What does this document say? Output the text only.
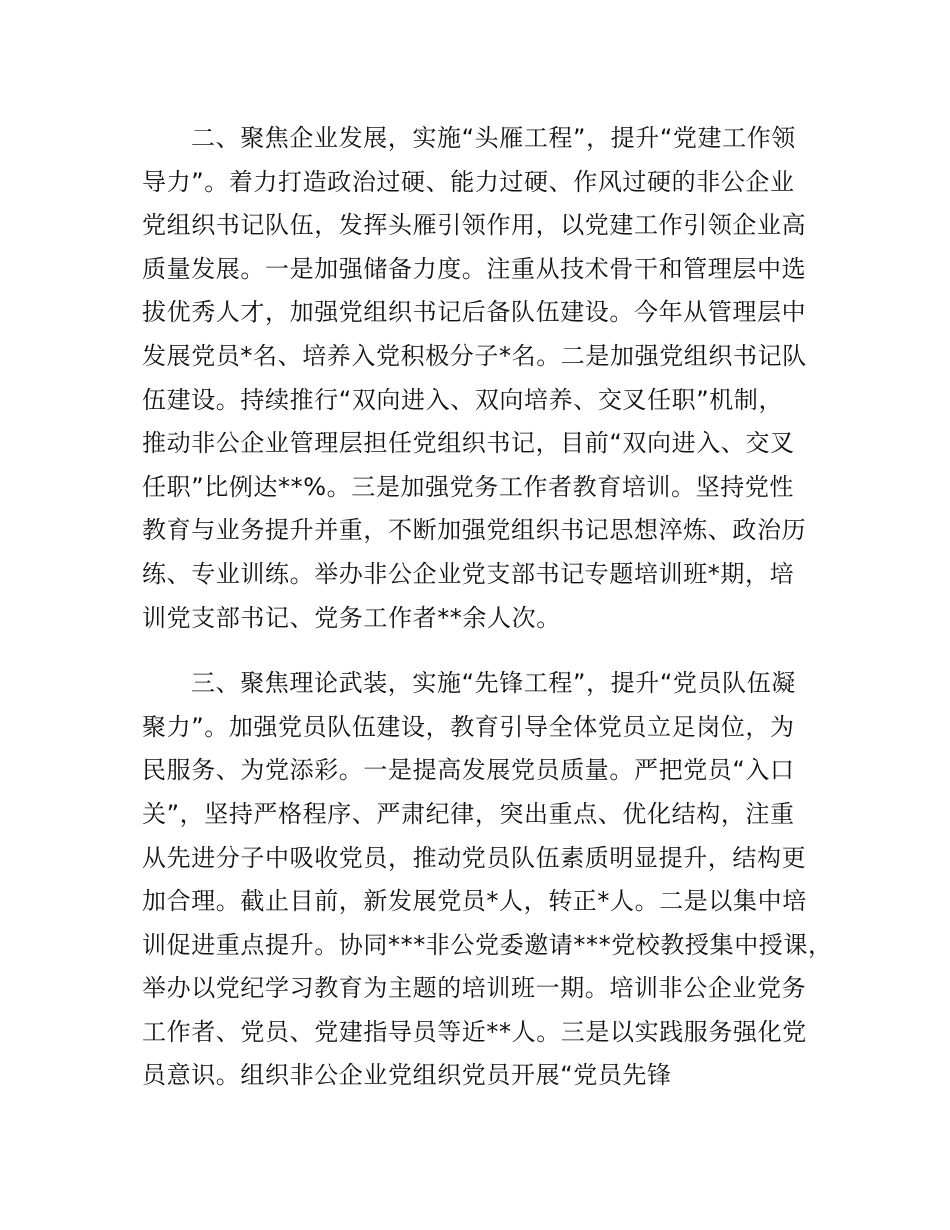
二、聚焦企业发展，实施“头雁工程”，提升“党建工作领
导力”。着力打造政治过硬、能力过硬、作风过硬的非公企业
党组织书记队伍，发挥头雁引领作用，以党建工作引领企业高
质量发展。一是加强储备力度。注重从技术骨干和管理层中选
拔优秀人才，加强党组织书记后备队伍建设。今年从管理层中
发展党员*名、培养入党积极分子*名。二是加强党组织书记队
伍建设。持续推行“双向进入、双向培养、交叉任职”机制，
推动非公企业管理层担任党组织书记，目前“双向进入、交叉
任职”比例达**%。三是加强党务工作者教育培训。坚持党性
教育与业务提升并重，不断加强党组织书记思想淬炼、政治历
练、专业训练。举办非公企业党支部书记专题培训班*期，培
训党支部书记、党务工作者**余人次。
三、聚焦理论武装，实施“先锋工程”，提升“党员队伍凝
聚力”。加强党员队伍建设，教育引导全体党员立足岗位，为
民服务、为党添彩。一是提高发展党员质量。严把党员“入口
关”，坚持严格程序、严肃纪律，突出重点、优化结构，注重
从先进分子中吸收党员，推动党员队伍素质明显提升，结构更
加合理。截止目前，新发展党员*人，转正*人。二是以集中培
训促进重点提升。协同***非公党委邀请***党校教授集中授课，
举办以党纪学习教育为主题的培训班一期。培训非公企业党务
工作者、党员、党建指导员等近**人。三是以实践服务强化党
员意识。组织非公企业党组织党员开展“党员先锋
